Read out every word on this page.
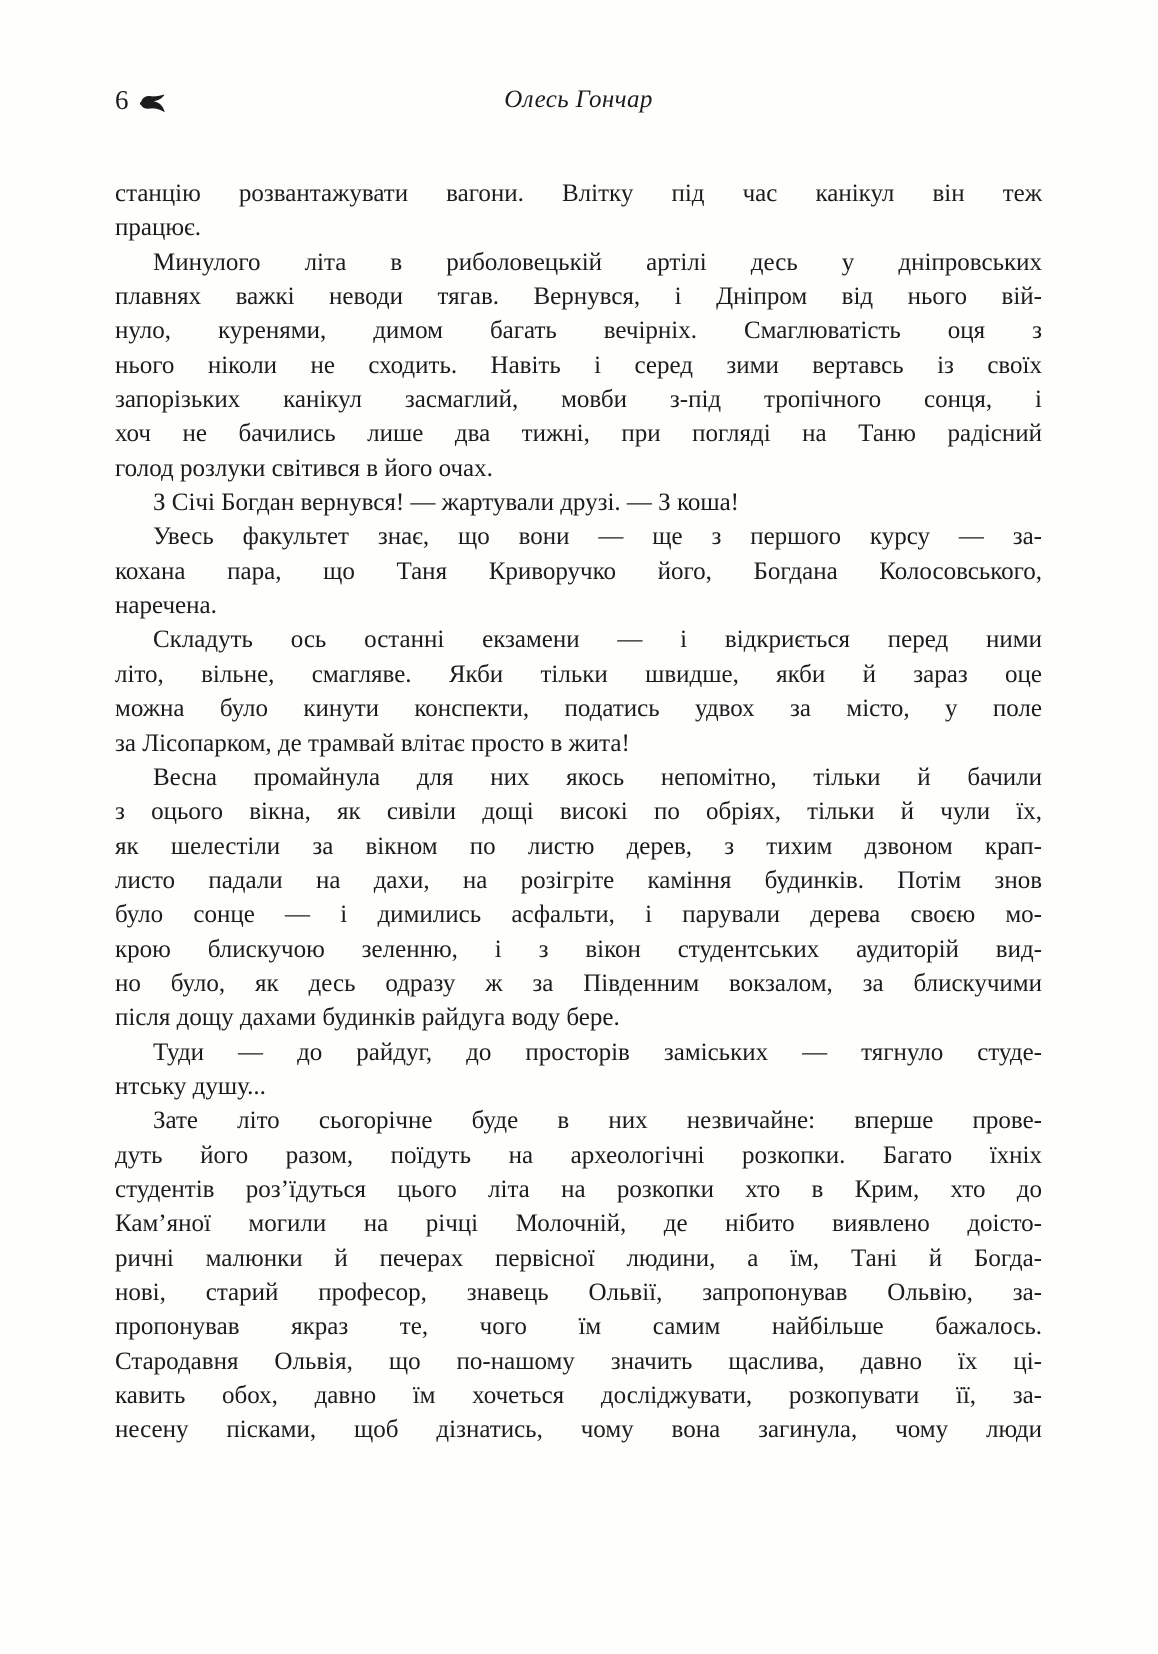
6	Олесь Гончар

станцію розвантажувати вагони. Влітку під час канікул він теж
працює.

Минулого літа в риболовецькій артілі десь у дніпровських
плавнях важкі неводи тягав. Вернувся, і Дніпром від нього вій-
нуло, куренями, димом багать вечірніх. Смаглюватість оця з
нього ніколи не сходить. Навіть і серед зими вертавсь із своїх
запорізьких канікул засмаглий, мовби з-під тропічного сонця, і
хоч не бачились лише два тижні, при погляді на Таню радісний
голод розлуки світився в його очах.

З Січі Богдан вернувся! — жартували друзі. — З коша!

Увесь факультет знає, що вони — ще з першого курсу — за-
кохана пара, що Таня Криворучко його, Богдана Колосовського,
наречена.

Складуть ось останні екзамени — і відкриється перед ними
літо, вільне, смагляве. Якби тільки швидше, якби й зараз оце
можна було кинути конспекти, податись удвох за місто, у поле
за Лісопарком, де трамвай влітає просто в жита!

Весна промайнула для них якось непомітно, тільки й бачили
з оцього вікна, як сивіли дощі високі по обріях, тільки й чули їх,
як шелестіли за вікном по листю дерев, з тихим дзвоном крап-
листо падали на дахи, на розігріте каміння будинків. Потім знов
було сонце — і димились асфальти, і парували дерева своєю мо-
крою блискучою зеленню, і з вікон студентських аудиторій вид-
но було, як десь одразу ж за Південним вокзалом, за блискучими
після дощу дахами будинків райдуга воду бере.

Туди — до райдуг, до просторів заміських — тягнуло студе-
нтську душу...

Зате літо сьогорічне буде в них незвичайне: вперше прове-
дуть його разом, поїдуть на археологічні розкопки. Багато їхніх
студентів роз’їдуться цього літа на розкопки хто в Крим, хто до
Кам’яної могили на річці Молочній, де нібито виявлено доісто-
ричні малюнки й печерах первісної людини, а їм, Тані й Богда-
нові, старий професор, знавець Ольвії, запропонував Ольвію, за-
пропонував якраз те, чого їм самим найбільше бажалось.
Стародавня Ольвія, що по-нашому значить щаслива, давно їх ці-
кавить обох, давно їм хочеться досліджувати, розкопувати її, за-
несену пісками, щоб дізнатись, чому вона загинула, чому люди
